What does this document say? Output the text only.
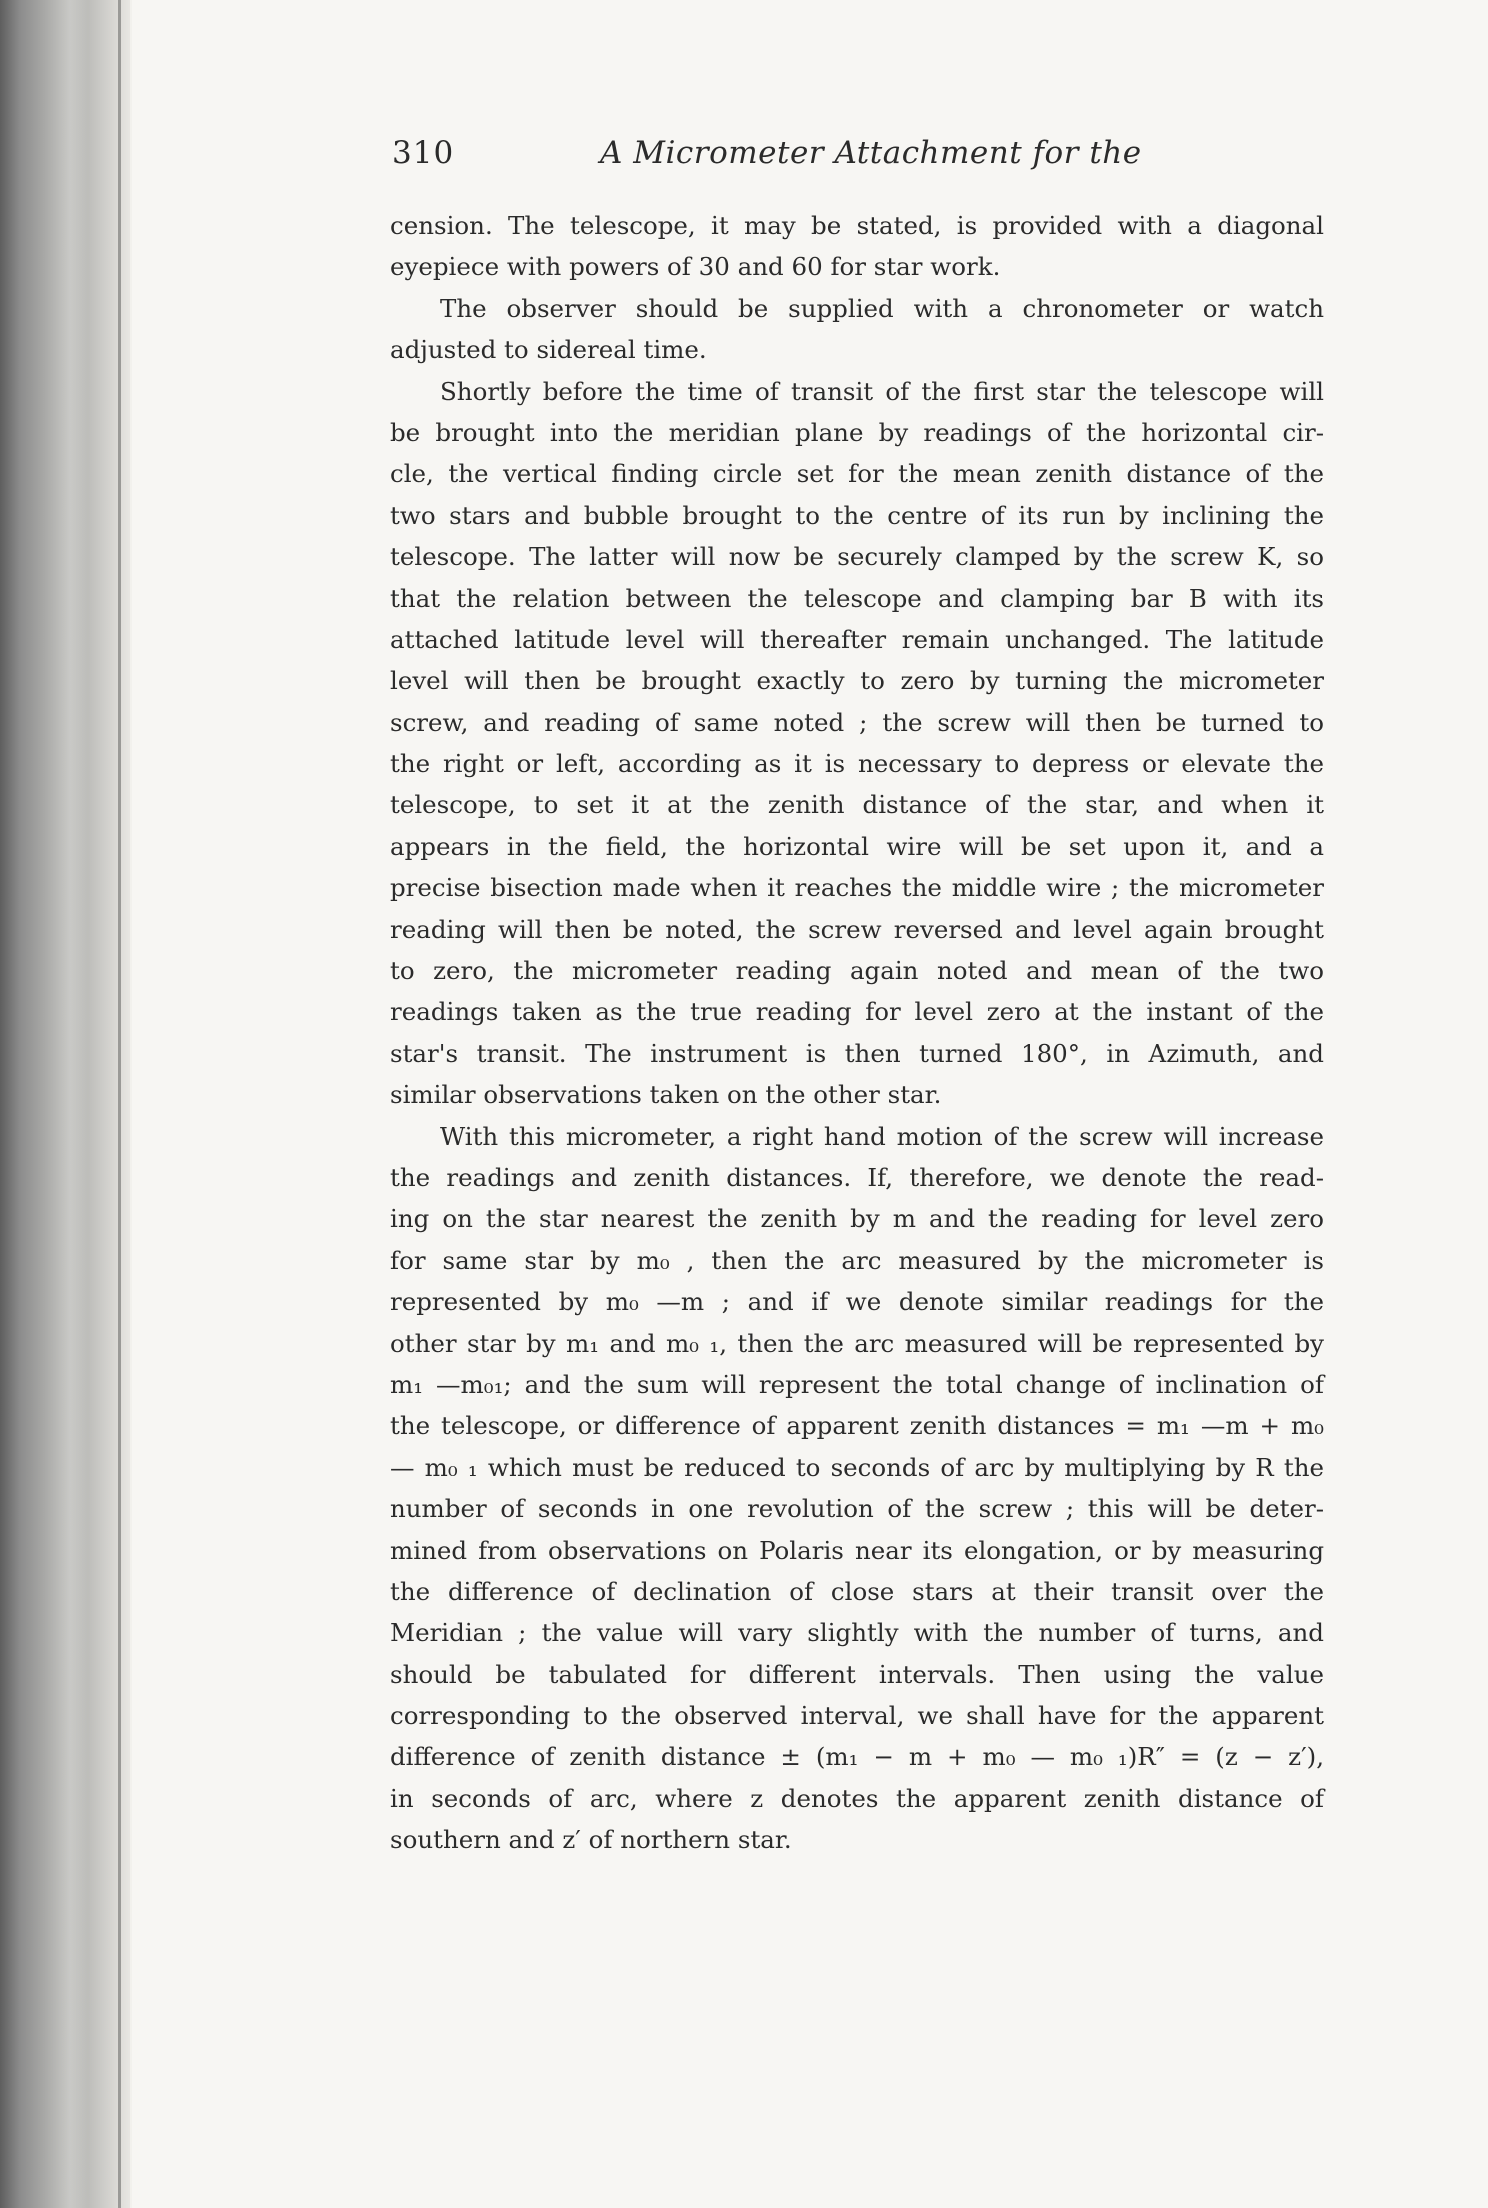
310	A Micrometer Attachment for the
cension. The telescope, it may be stated, is provided with a diagonal
eyepiece with powers of 30 and 60 for star work.
The observer should be supplied with a chronometer or watch
adjusted to sidereal time.
Shortly before the time of transit of the first star the telescope will
be brought into the meridian plane by readings of the horizontal cir-
cle, the vertical finding circle set for the mean zenith distance of the
two stars and bubble brought to the centre of its run by inclining the
telescope. The latter will now be securely clamped by the screw K, so
that the relation between the telescope and clamping bar B with its
attached latitude level will thereafter remain unchanged. The latitude
level will then be brought exactly to zero by turning the micrometer
screw, and reading of same noted ; the screw will then be turned to
the right or left, according as it is necessary to depress or elevate the
telescope, to set it at the zenith distance of the star, and when it
appears in the field, the horizontal wire will be set upon it, and a
precise bisection made when it reaches the middle wire ; the micrometer
reading will then be noted, the screw reversed and level again brought
to zero, the micrometer reading again noted and mean of the two
readings taken as the true reading for level zero at the instant of the
star's transit. The instrument is then turned 180°, in Azimuth, and
similar observations taken on the other star.
With this micrometer, a right hand motion of the screw will increase
the readings and zenith distances. If, therefore, we denote the read-
ing on the star nearest the zenith by m and the reading for level zero
for same star by m₀ , then the arc measured by the micrometer is
represented by m₀ —m ; and if we denote similar readings for the
other star by m₁ and m₀ ₁, then the arc measured will be represented by
m₁ —m₀₁; and the sum will represent the total change of inclination of
the telescope, or difference of apparent zenith distances = m₁ —m + m₀
— m₀ ₁ which must be reduced to seconds of arc by multiplying by R the
number of seconds in one revolution of the screw ; this will be deter-
mined from observations on Polaris near its elongation, or by measuring
the difference of declination of close stars at their transit over the
Meridian ; the value will vary slightly with the number of turns, and
should be tabulated for different intervals. Then using the value
corresponding to the observed interval, we shall have for the apparent
difference of zenith distance ± (m₁ − m + m₀ — m₀ ₁)R″ = (z − z′),
in seconds of arc, where z denotes the apparent zenith distance of
southern and z′ of northern star.
